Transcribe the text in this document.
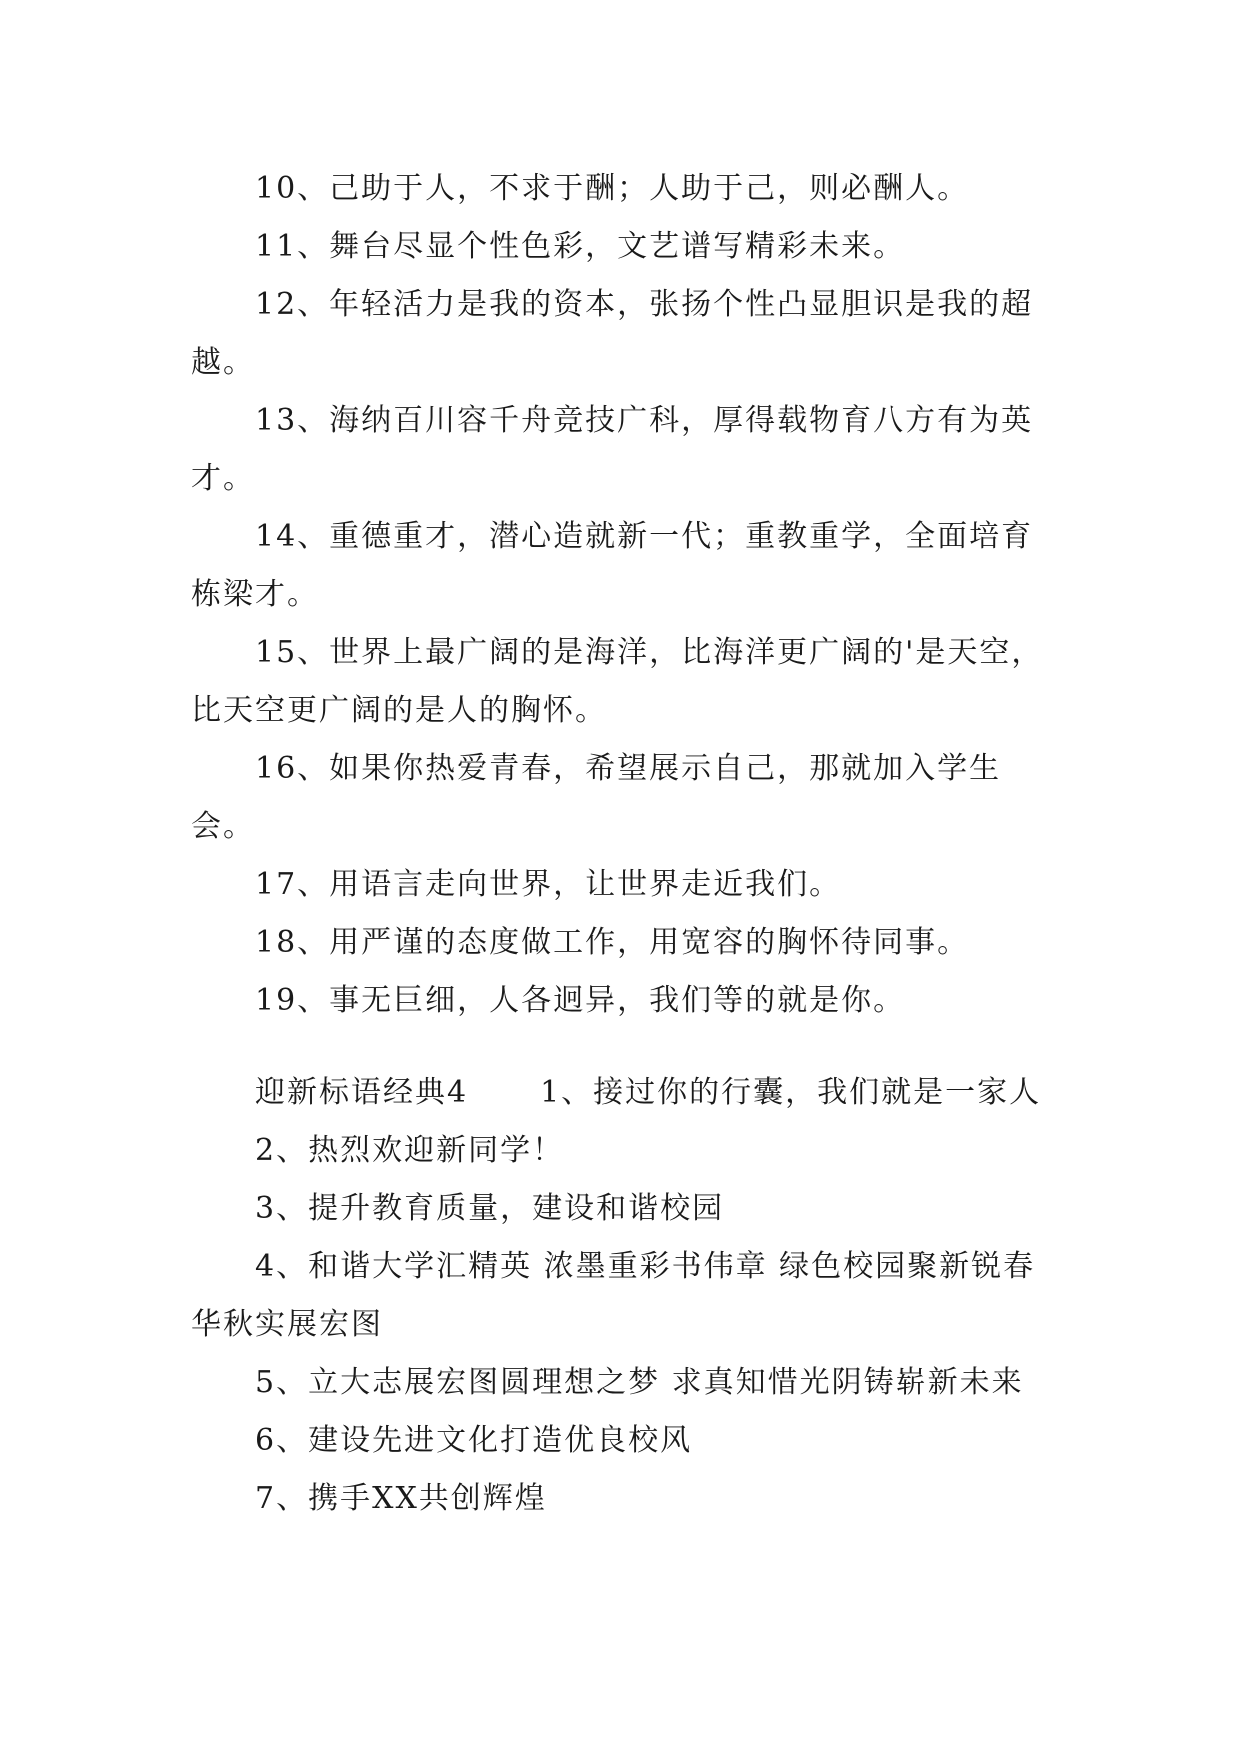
10、己助于人，不求于酬；人助于己，则必酬人。

11、舞台尽显个性色彩，文艺谱写精彩未来。

12、年轻活力是我的资本，张扬个性凸显胆识是我的超越。

13、海纳百川容千舟竞技广科，厚得载物育八方有为英才。

14、重德重才，潜心造就新一代；重教重学，全面培育栋梁才。

15、世界上最广阔的是海洋，比海洋更广阔的'是天空，比天空更广阔的是人的胸怀。

16、如果你热爱青春，希望展示自己，那就加入学生会。

17、用语言走向世界，让世界走近我们。

18、用严谨的态度做工作，用宽容的胸怀待同事。

19、事无巨细，人各迥异，我们等的就是你。

迎新标语经典4 1、接过你的行囊，我们就是一家人

2、热烈欢迎新同学！

3、提升教育质量，建设和谐校园

4、和谐大学汇精英 浓墨重彩书伟章 绿色校园聚新锐春华秋实展宏图

5、立大志展宏图圆理想之梦 求真知惜光阴铸崭新未来

6、建设先进文化打造优良校风

7、携手XX共创辉煌
